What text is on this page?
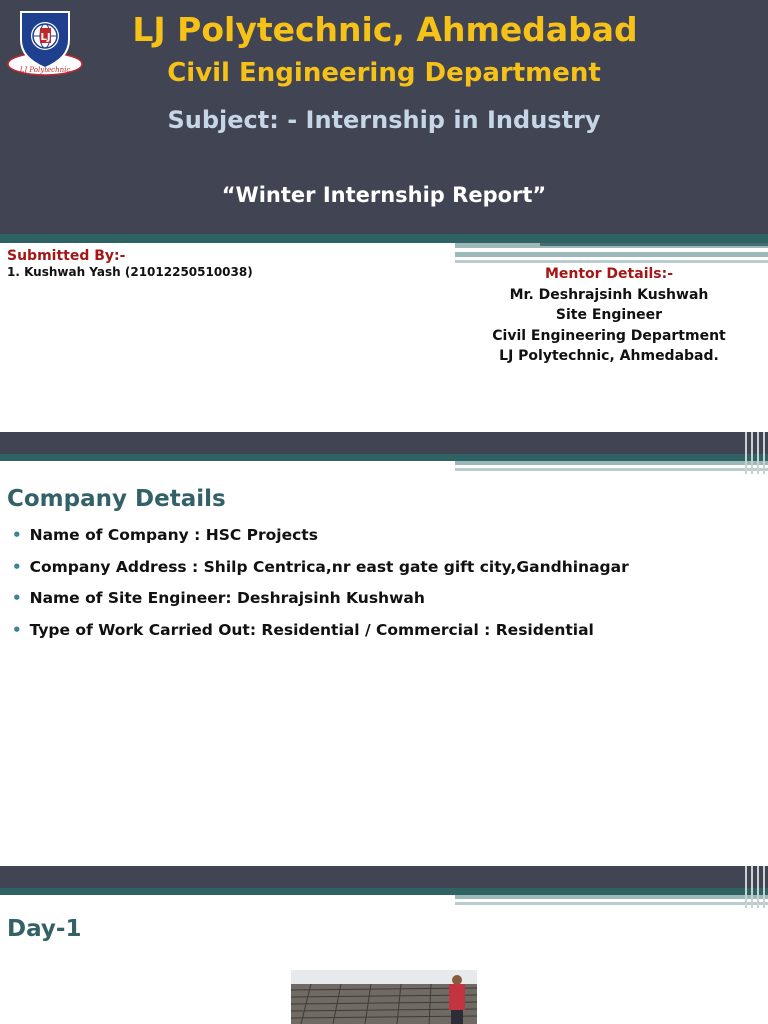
LJ
LJ Polytechnic
LJ Polytechnic, Ahmedabad
Civil Engineering Department
Subject: - Internship in Industry
“Winter Internship Report”
Submitted By:-
1. Kushwah Yash (21012250510038)	Mentor Details:-
Mr. Deshrajsinh Kushwah
Site Engineer
Civil Engineering Department
LJ Polytechnic, Ahmedabad.
Company Details
• Name of Company : HSC Projects
• Company Address : Shilp Centrica,nr east gate gift city,Gandhinagar
• Name of Site Engineer: Deshrajsinh Kushwah
• Type of Work Carried Out: Residential / Commercial : Residential
Day-1
